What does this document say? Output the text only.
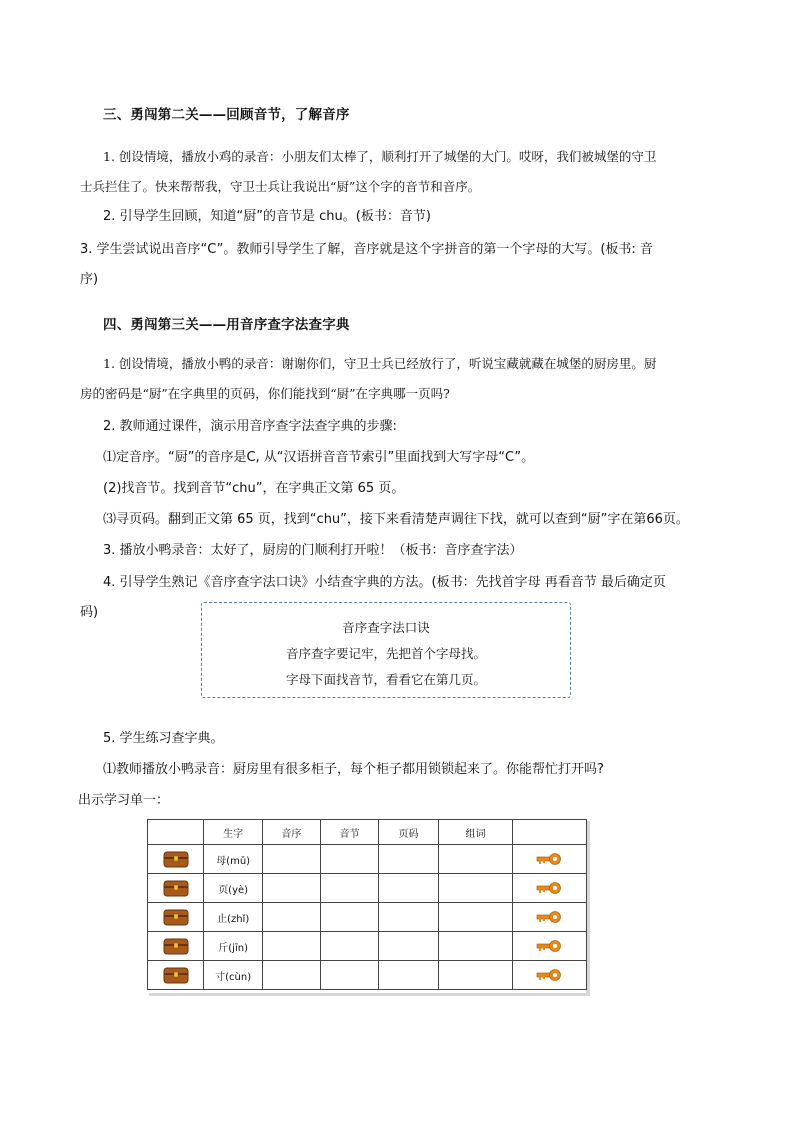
三、勇闯第二关——回顾音节，了解音序
1. 创设情境，播放小鸡的录音：小朋友们太棒了，顺利打开了城堡的大门。哎呀，我们被城堡的守卫
士兵拦住了。快来帮帮我，守卫士兵让我说出“厨”这个字的音节和音序。
2. 引导学生回顾，知道“厨”的音节是 chu。(板书：音节)
3. 学生尝试说出音序“C”。教师引导学生了解，音序就是这个字拼音的第一个字母的大写。(板书: 音
序)
四、勇闯第三关——用音序查字法查字典
1. 创设情境，播放小鸭的录音：谢谢你们，守卫士兵已经放行了，听说宝藏就藏在城堡的厨房里。厨
房的密码是“厨”在字典里的页码，你们能找到“厨”在字典哪一页吗?
2. 教师通过课件，演示用音序查字法查字典的步骤:
⑴定音序。“厨”的音序是C, 从“汉语拼音音节索引”里面找到大写字母“C”。
(2)找音节。找到音节“chu”，在字典正文第 65 页。
⑶寻页码。翻到正文第 65 页，找到“chu”，接下来看清楚声调往下找，就可以查到“厨”字在第66页。
3. 播放小鸭录音：太好了，厨房的门顺利打开啦！（板书：音序查字法）
4. 引导学生熟记《音序查字法口诀》小结查字典的方法。(板书：先找首字母 再看音节 最后确定页
码)
音序查字法口诀
音序查字要记牢，先把首个字母找。
字母下面找音节，看看它在第几页。
5. 学生练习查字典。
⑴教师播放小鸭录音：厨房里有很多柜子，每个柜子都用锁锁起来了。你能帮忙打开吗?
出示学习单一：
	生字	音序	音节	页码	组词	
	母(mǔ)					
	页(yè)					
	止(zhǐ)					
	斤(jīn)					
	寸(cùn)					
